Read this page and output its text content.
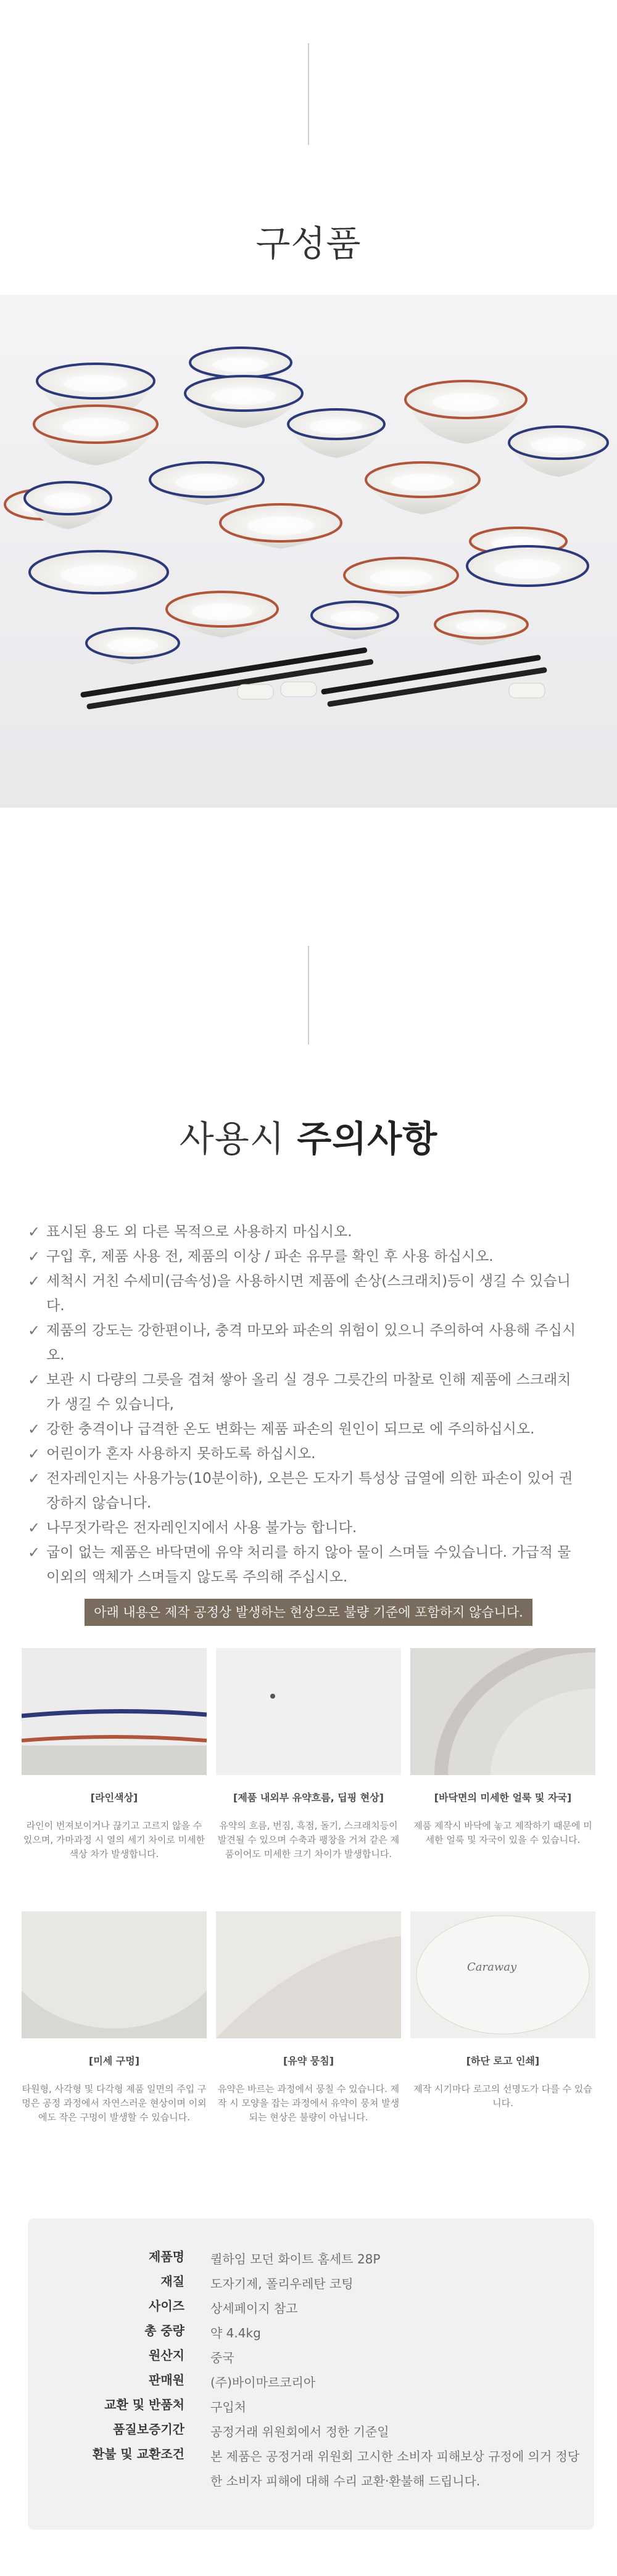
구성품
사용시 주의사항
✓ 표시된 용도 외 다른 목적으로 사용하지 마십시오.
✓ 구입 후, 제품 사용 전, 제품의 이상 / 파손 유무를 확인 후 사용 하십시오.
✓ 세척시 거친 수세미(금속성)을 사용하시면 제품에 손상(스크래치)등이 생길 수 있습니다.
✓ 제품의 강도는 강한편이나, 충격 마모와 파손의 위험이 있으니 주의하여 사용해 주십시오.
✓ 보관 시 다량의 그릇을 겹쳐 쌓아 올리 실 경우 그릇간의 마찰로 인해 제품에 스크래치가 생길 수 있습니다,
✓ 강한 충격이나 급격한 온도 변화는 제품 파손의 원인이 되므로 에 주의하십시오.
✓ 어린이가 혼자 사용하지 못하도록 하십시오.
✓ 전자레인지는 사용가능(10분이하), 오븐은 도자기 특성상 급열에 의한 파손이 있어 권장하지 않습니다.
✓ 나무젓가락은 전자레인지에서 사용 불가능 합니다.
✓ 굽이 없는 제품은 바닥면에 유약 처리를 하지 않아 물이 스며들 수있습니다. 가급적 물 이외의 액체가 스며들지 않도록 주의해 주십시오.
아래 내용은 제작 공정상 발생하는 현상으로 불량 기준에 포함하지 않습니다.
[라인색상]
라인이 번져보이거나 끊기고 고르지 않을 수 있으며, 가마과정 시 열의 세기 차이로 미세한 색상 차가 발생합니다.
[제품 내외부 유약흐름, 딥핑 현상]
유약의 흐름, 번짐, 흑점, 돌기, 스크래치등이 발견될 수 있으며 수축과 팽창을 거쳐 같은 제품이어도 미세한 크기 차이가 발생합니다.
[바닥면의 미세한 얼룩 및 자국]
제품 제작시 바닥에 놓고 제작하기 때문에 미세한 얼룩 및 자국이 있을 수 있습니다.
[미세 구멍]
타원형, 사각형 및 다각형 제품 일면의 주입 구멍은 공정 과정에서 자연스러운 현상이며 이외에도 작은 구멍이 발생할 수 있습니다.
[유약 뭉침]
유약은 바르는 과정에서 뭉칠 수 있습니다. 제작 시 모양을 잡는 과정에서 유약이 뭉쳐 발생되는 현상은 불량이 아닙니다.
Caraway
[하단 로고 인쇄]
제작 시기마다 로고의 선명도가 다를 수 있습니다.
제품명 퀼하임 모던 화이트 홈세트 28P
재질 도자기제, 폴리우레탄 코팅
사이즈 상세페이지 참고
총 중량 약 4.4kg
원산지 중국
판매원 (주)바이마르코리아
교환 및 반품처 구입처
품질보증기간 공정거래 위원회에서 정한 기준일
환불 및 교환조건 본 제품은 공정거래 위원회 고시한 소비자 피해보상 규정에 의거 정당한 소비자 피해에 대해 수리 교환·환불해 드립니다.
